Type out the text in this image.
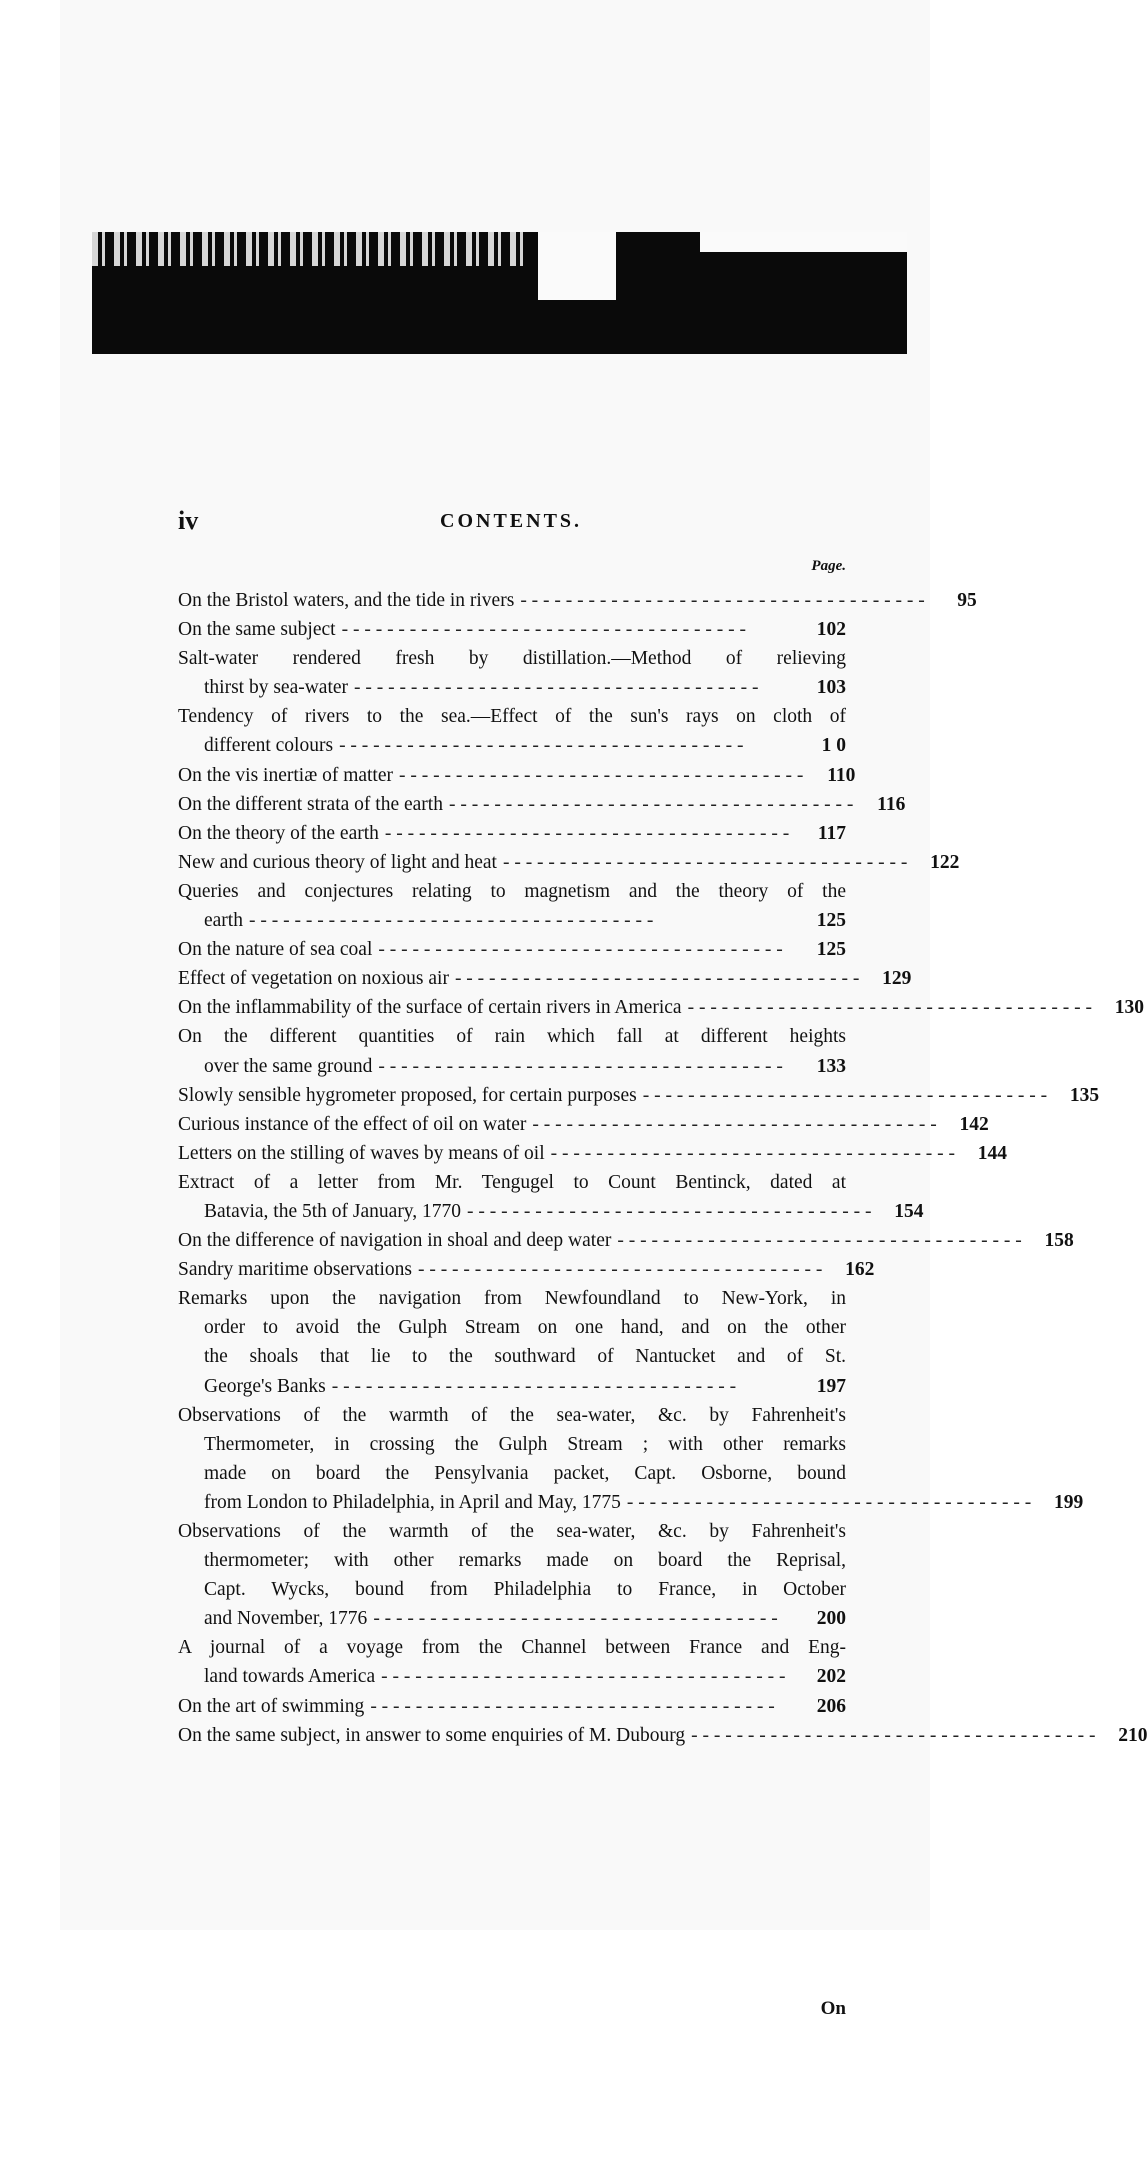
iv	CONTENTS.
Page.
On the Bristol waters, and the tide in rivers - - - - - - - - - - - - - - - - - - - - - - - - - - - - - - - - - - - -	95
On the same subject - - - - - - - - - - - - - - - - - - - - - - - - - - - - - - - - - - - -	102
Salt-water rendered fresh by distillation.—Method of relieving
thirst by sea-water - - - - - - - - - - - - - - - - - - - - - - - - - - - - - - - - - - - -	103
Tendency of rivers to the sea.—Effect of the sun's rays on cloth of
different colours - - - - - - - - - - - - - - - - - - - - - - - - - - - - - - - - - - - -	1 0
On the vis inertiæ of matter - - - - - - - - - - - - - - - - - - - - - - - - - - - - - - - - - - - -	110
On the different strata of the earth - - - - - - - - - - - - - - - - - - - - - - - - - - - - - - - - - - - -	116
On the theory of the earth - - - - - - - - - - - - - - - - - - - - - - - - - - - - - - - - - - - -	117
New and curious theory of light and heat - - - - - - - - - - - - - - - - - - - - - - - - - - - - - - - - - - - -	122
Queries and conjectures relating to magnetism and the theory of the
earth - - - - - - - - - - - - - - - - - - - - - - - - - - - - - - - - - - - -	125
On the nature of sea coal - - - - - - - - - - - - - - - - - - - - - - - - - - - - - - - - - - - -	125
Effect of vegetation on noxious air - - - - - - - - - - - - - - - - - - - - - - - - - - - - - - - - - - - -	129
On the inflammability of the surface of certain rivers in America - - - - - - - - - - - - - - - - - - - - - - - - - - - - - - - - - - - -	130
On the different quantities of rain which fall at different heights
over the same ground - - - - - - - - - - - - - - - - - - - - - - - - - - - - - - - - - - - -	133
Slowly sensible hygrometer proposed, for certain purposes - - - - - - - - - - - - - - - - - - - - - - - - - - - - - - - - - - - -	135
Curious instance of the effect of oil on water - - - - - - - - - - - - - - - - - - - - - - - - - - - - - - - - - - - -	142
Letters on the stilling of waves by means of oil - - - - - - - - - - - - - - - - - - - - - - - - - - - - - - - - - - - -	144
Extract of a letter from Mr. Tengugel to Count Bentinck, dated at
Batavia, the 5th of January, 1770 - - - - - - - - - - - - - - - - - - - - - - - - - - - - - - - - - - - -	154
On the difference of navigation in shoal and deep water - - - - - - - - - - - - - - - - - - - - - - - - - - - - - - - - - - - -	158
Sandry maritime observations - - - - - - - - - - - - - - - - - - - - - - - - - - - - - - - - - - - -	162
Remarks upon the navigation from Newfoundland to New-York, in
order to avoid the Gulph Stream on one hand, and on the other
the shoals that lie to the southward of Nantucket and of St.
George's Banks - - - - - - - - - - - - - - - - - - - - - - - - - - - - - - - - - - - -	197
Observations of the warmth of the sea-water, &c. by Fahrenheit's
Thermometer, in crossing the Gulph Stream ; with other remarks
made on board the Pensylvania packet, Capt. Osborne, bound
from London to Philadelphia, in April and May, 1775 - - - - - - - - - - - - - - - - - - - - - - - - - - - - - - - - - - - -	199
Observations of the warmth of the sea-water, &c. by Fahrenheit's
thermometer; with other remarks made on board the Reprisal,
Capt. Wycks, bound from Philadelphia to France, in October
and November, 1776 - - - - - - - - - - - - - - - - - - - - - - - - - - - - - - - - - - - -	200
A journal of a voyage from the Channel between France and Eng-
land towards America - - - - - - - - - - - - - - - - - - - - - - - - - - - - - - - - - - - -	202
On the art of swimming - - - - - - - - - - - - - - - - - - - - - - - - - - - - - - - - - - - -	206
On the same subject, in answer to some enquiries of M. Dubourg - - - - - - - - - - - - - - - - - - - - - - - - - - - - - - - - - - - -	210
On
